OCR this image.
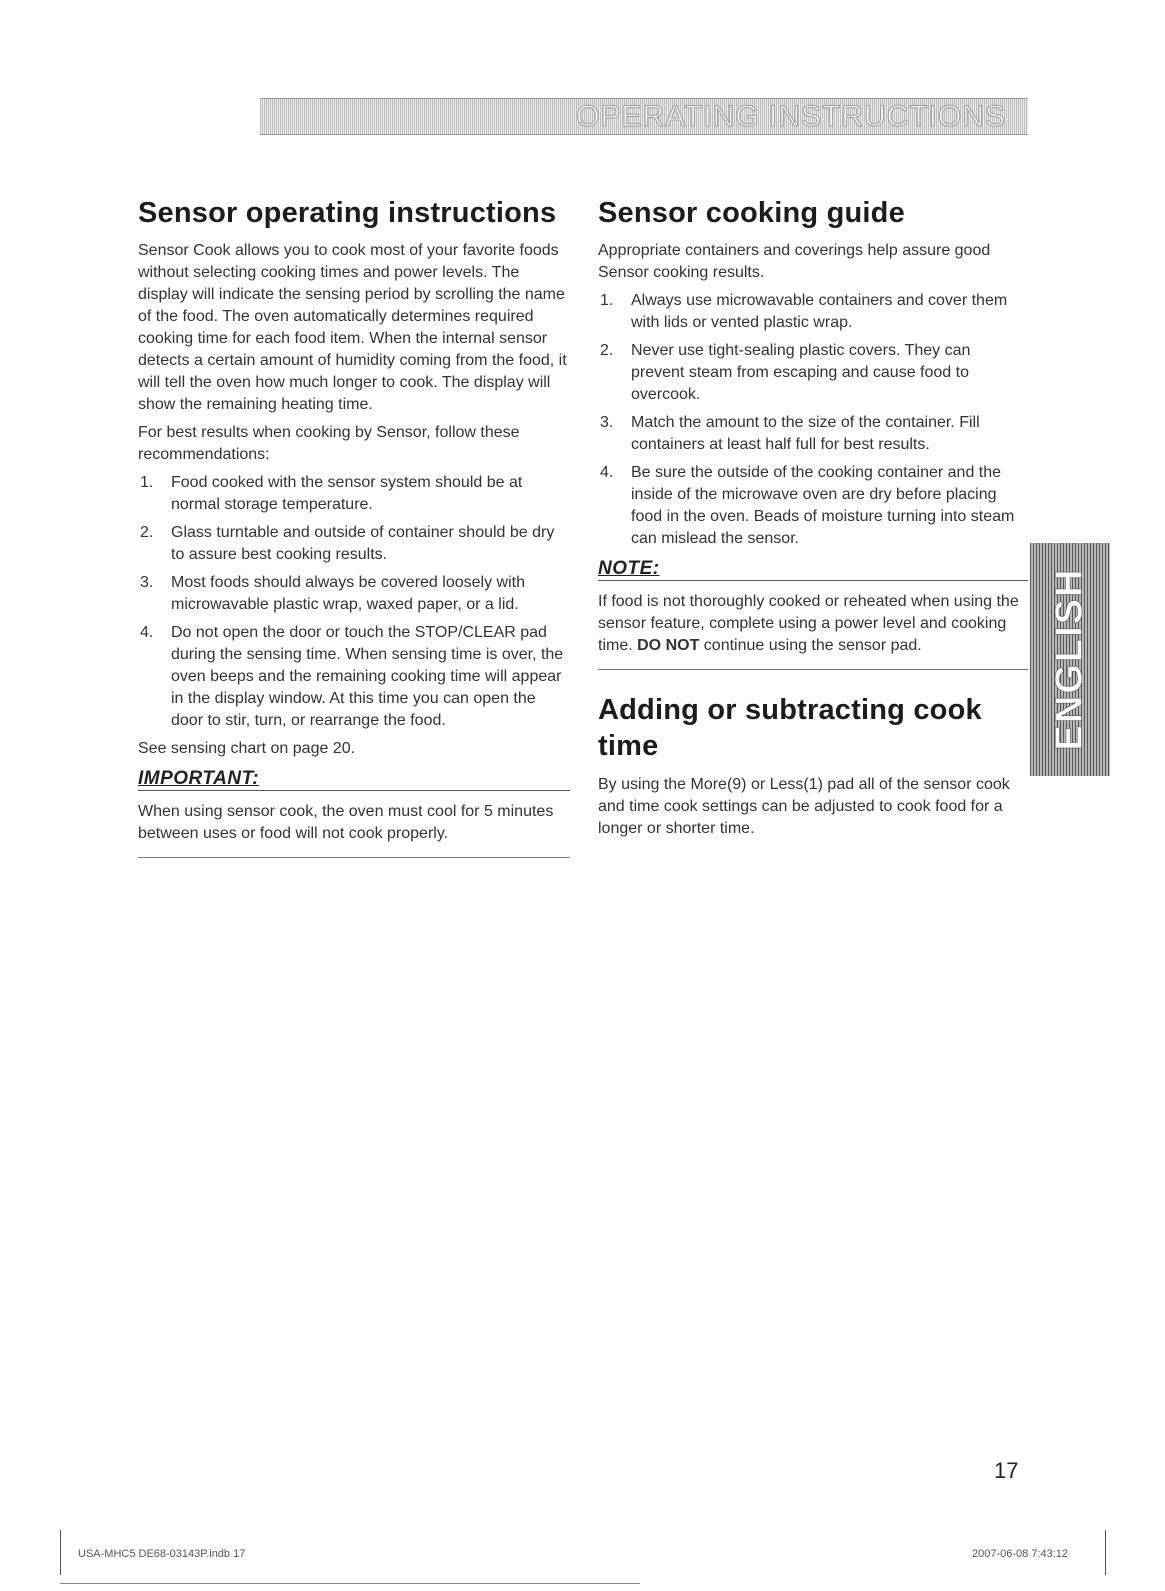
OPERATING INSTRUCTIONS
Sensor operating instructions

Sensor Cook allows you to cook most of your favorite foods without selecting cooking times and power levels. The display will indicate the sensing period by scrolling the name of the food. The oven automatically determines required cooking time for each food item. When the internal sensor detects a certain amount of humidity coming from the food, it will tell the oven how much longer to cook. The display will show the remaining heating time.

For best results when cooking by Sensor, follow these recommendations:

1. Food cooked with the sensor system should be at normal storage temperature.
2. Glass turntable and outside of container should be dry to assure best cooking results.
3. Most foods should always be covered loosely with microwavable plastic wrap, waxed paper, or a lid.
4. Do not open the door or touch the STOP/CLEAR pad during the sensing time. When sensing time is over, the oven beeps and the remaining cooking time will appear in the display window. At this time you can open the door to stir, turn, or rearrange the food.

See sensing chart on page 20.

IMPORTANT:

When using sensor cook, the oven must cool for 5 minutes between uses or food will not cook properly.

Sensor cooking guide

Appropriate containers and coverings help assure good Sensor cooking results.

1. Always use microwavable containers and cover them with lids or vented plastic wrap.
2. Never use tight-sealing plastic covers. They can prevent steam from escaping and cause food to overcook.
3. Match the amount to the size of the container. Fill containers at least half full for best results.
4. Be sure the outside of the cooking container and the inside of the microwave oven are dry before placing food in the oven. Beads of moisture turning into steam can mislead the sensor.
NOTE:

If food is not thoroughly cooked or reheated when using the sensor feature, complete using a power level and cooking time. DO NOT continue using the sensor pad.

Adding or subtracting cook time

By using the More(9) or Less(1) pad all of the sensor cook and time cook settings can be adjusted to cook food for a longer or shorter time.

ENGLISH
17
USA-MHC5 DE68-03143P.indb 17	2007-06-08 7:43:12
